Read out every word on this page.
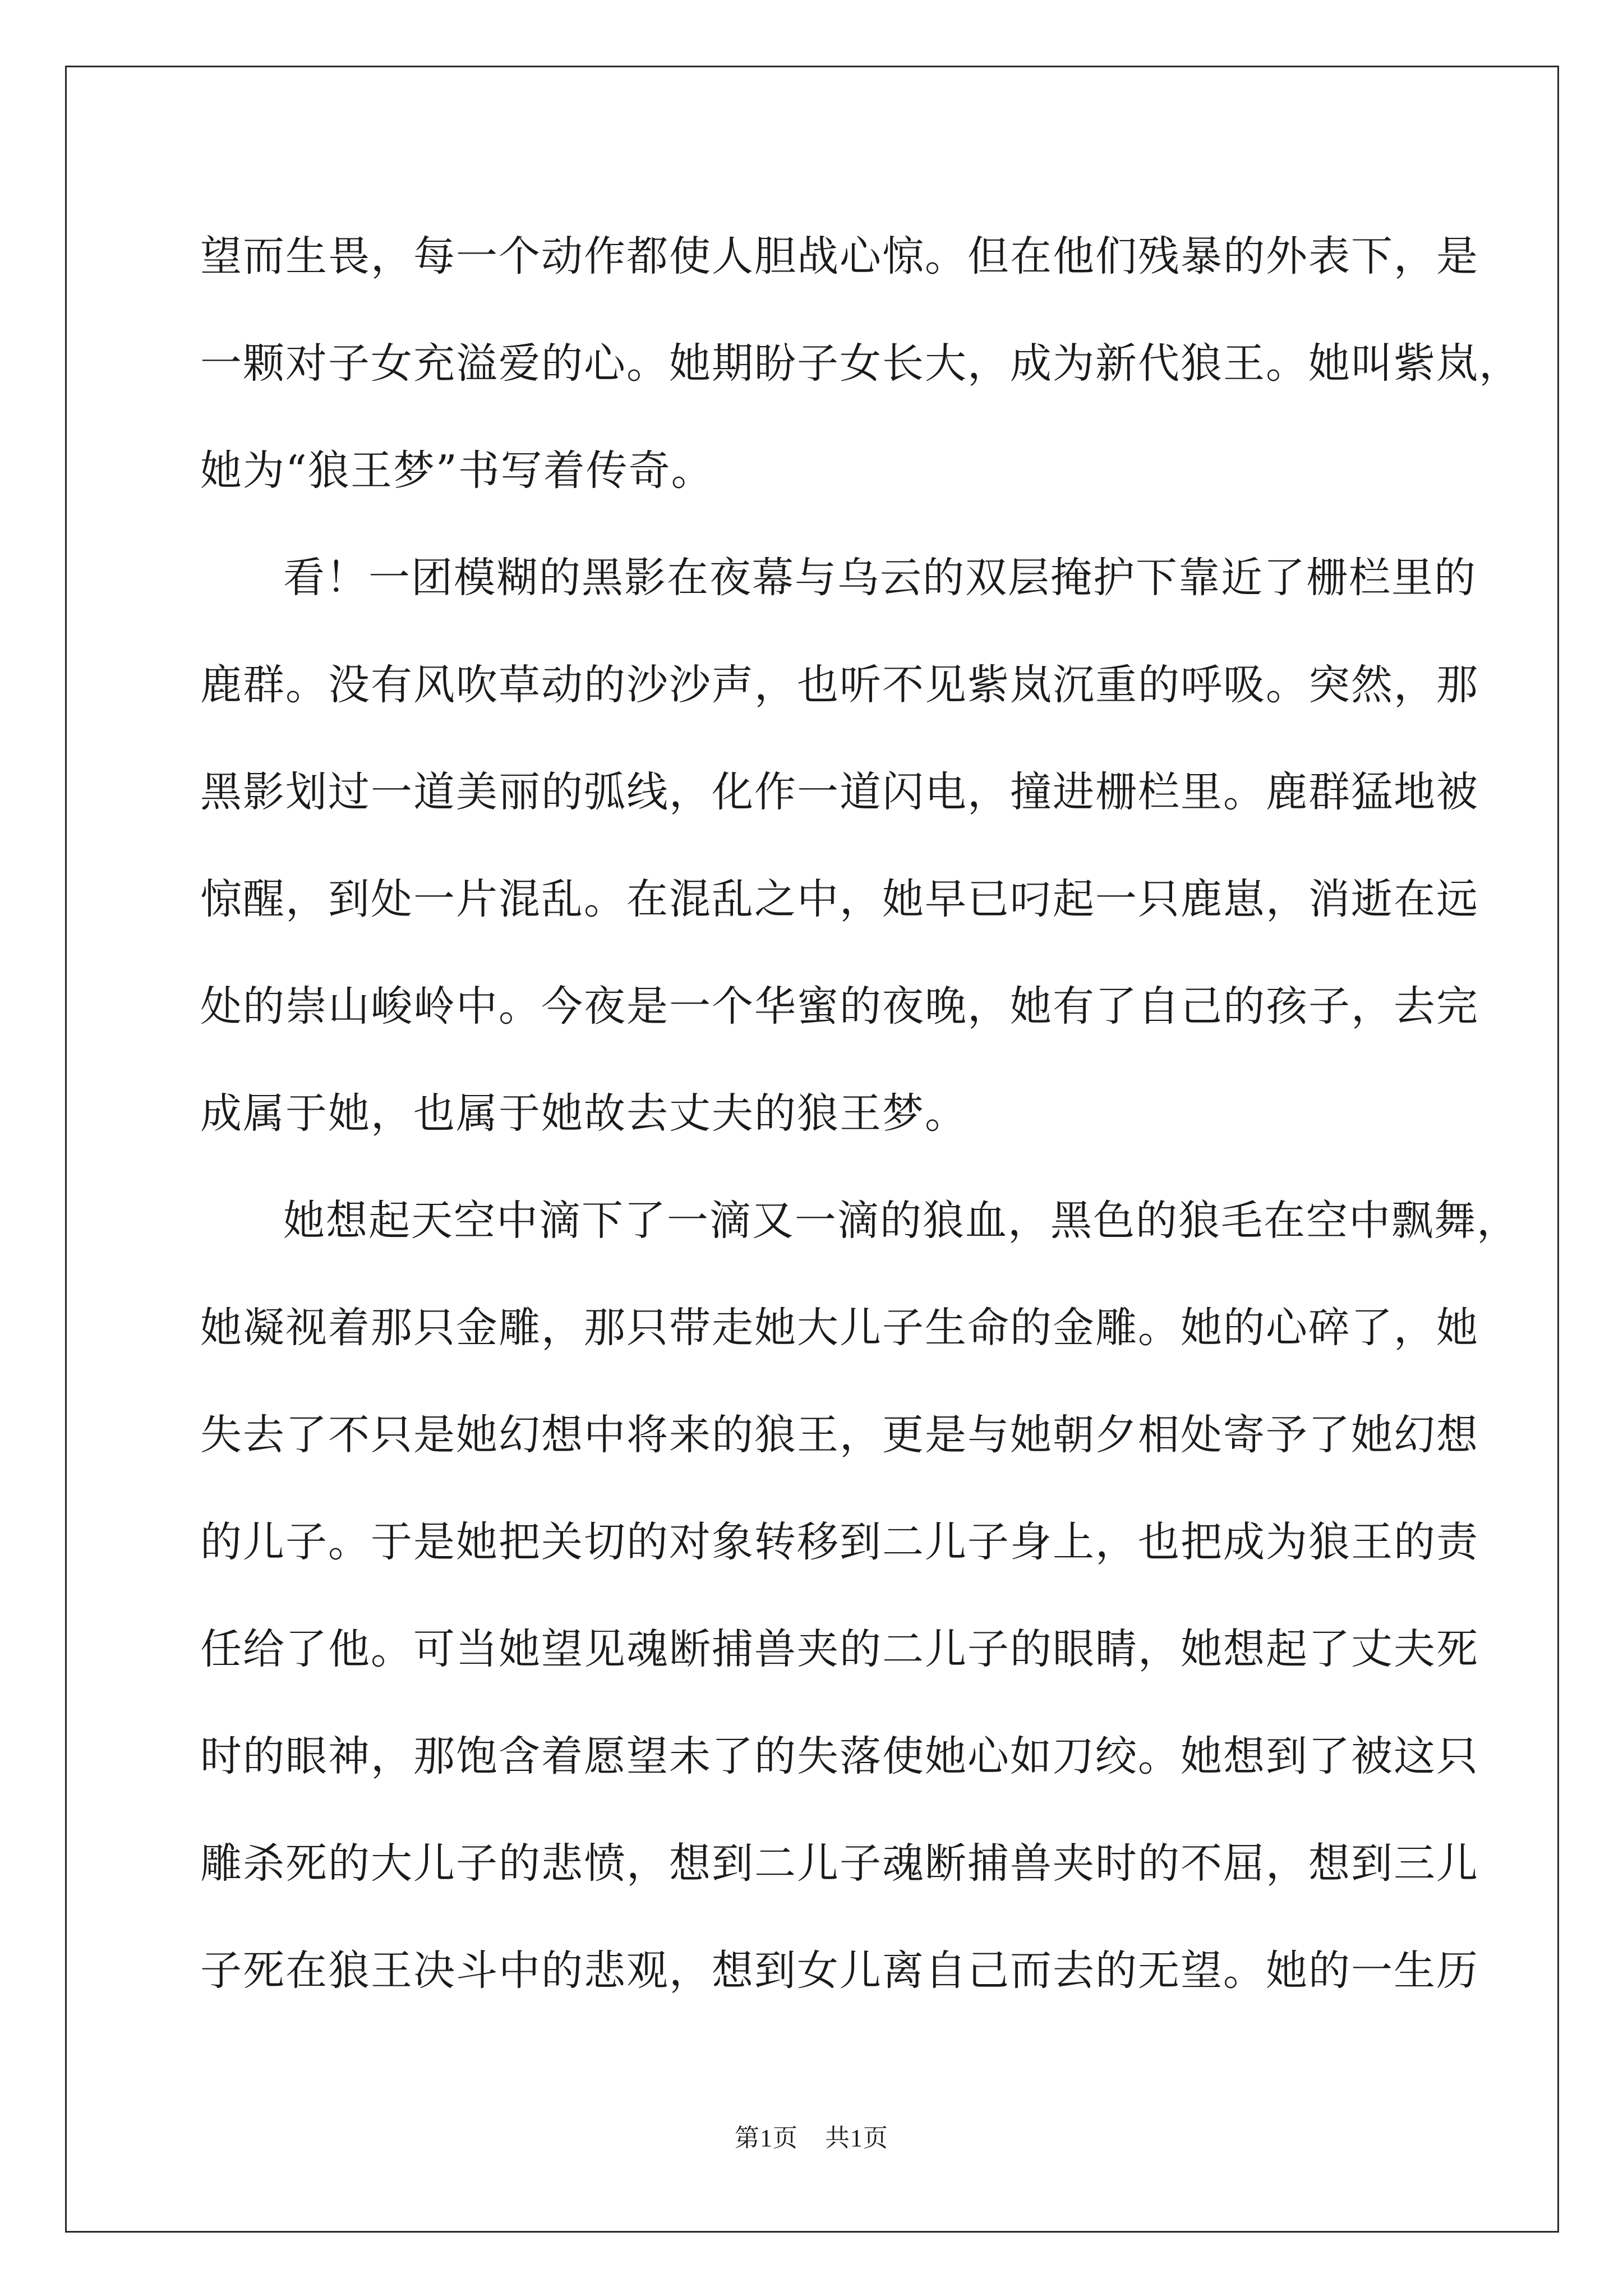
望而生畏，每一个动作都使人胆战心惊。但在他们残暴的外表下，是
一颗对子女充溢爱的心。她期盼子女长大，成为新代狼王。她叫紫岚，
她为“狼王梦”书写着传奇。
看！一团模糊的黑影在夜幕与乌云的双层掩护下靠近了栅栏里的
鹿群。没有风吹草动的沙沙声，也听不见紫岚沉重的呼吸。突然，那
黑影划过一道美丽的弧线，化作一道闪电，撞进栅栏里。鹿群猛地被
惊醒，到处一片混乱。在混乱之中，她早已叼起一只鹿崽，消逝在远
处的崇山峻岭中。今夜是一个华蜜的夜晚，她有了自己的孩子，去完
成属于她，也属于她故去丈夫的狼王梦。
她想起天空中滴下了一滴又一滴的狼血，黑色的狼毛在空中飘舞，
她凝视着那只金雕，那只带走她大儿子生命的金雕。她的心碎了，她
失去了不只是她幻想中将来的狼王，更是与她朝夕相处寄予了她幻想
的儿子。于是她把关切的对象转移到二儿子身上，也把成为狼王的责
任给了他。可当她望见魂断捕兽夹的二儿子的眼睛，她想起了丈夫死
时的眼神，那饱含着愿望未了的失落使她心如刀绞。她想到了被这只
雕杀死的大儿子的悲愤，想到二儿子魂断捕兽夹时的不屈，想到三儿
子死在狼王决斗中的悲观，想到女儿离自己而去的无望。她的一生历
第1页 共1页
